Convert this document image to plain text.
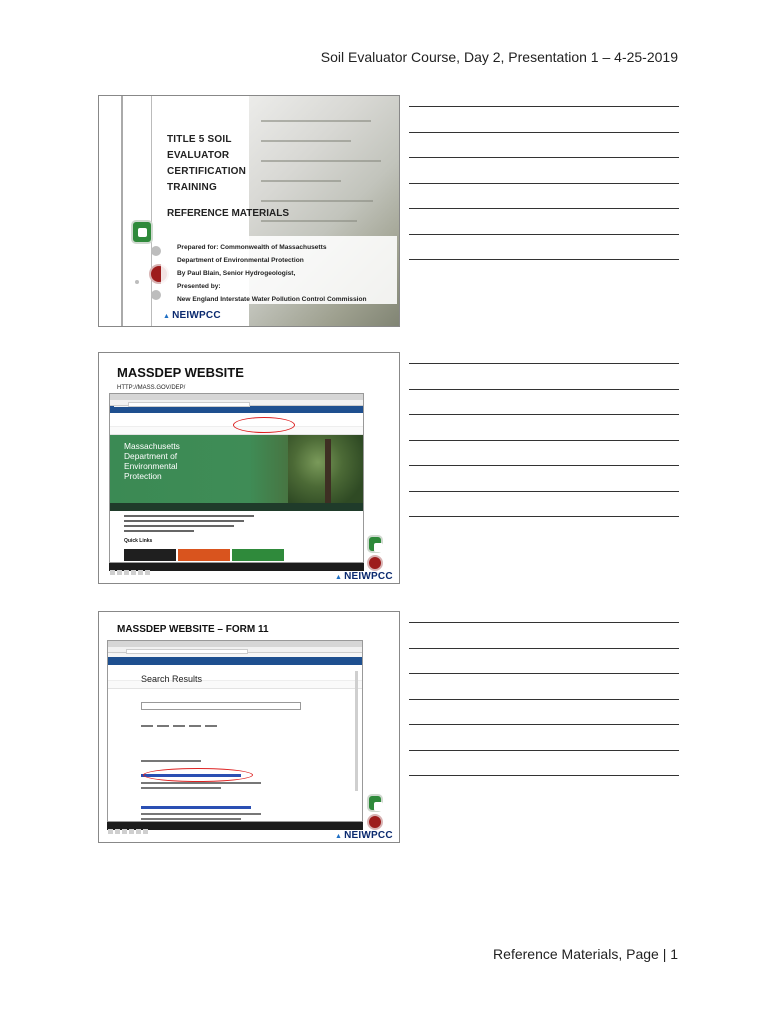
Soil Evaluator Course, Day 2, Presentation 1 – 4-25-2019
TITLE 5 SOIL
EVALUATOR
CERTIFICATION
TRAINING
REFERENCE MATERIALS
Prepared for: Commonwealth of Massachusetts
Department of Environmental Protection
By Paul Blain, Senior Hydrogeologist,
Presented by:
New England Interstate Water Pollution Control Commission
▲ NEIWPCC
MASSDEP WEBSITE
HTTP://MASS.GOV/DEP/
Massachusetts
Department of
Environmental
Protection
Quick Links
▲ NEIWPCC
MASSDEP WEBSITE – FORM 11
Search Results
▲ NEIWPCC
Reference Materials, Page | 1
